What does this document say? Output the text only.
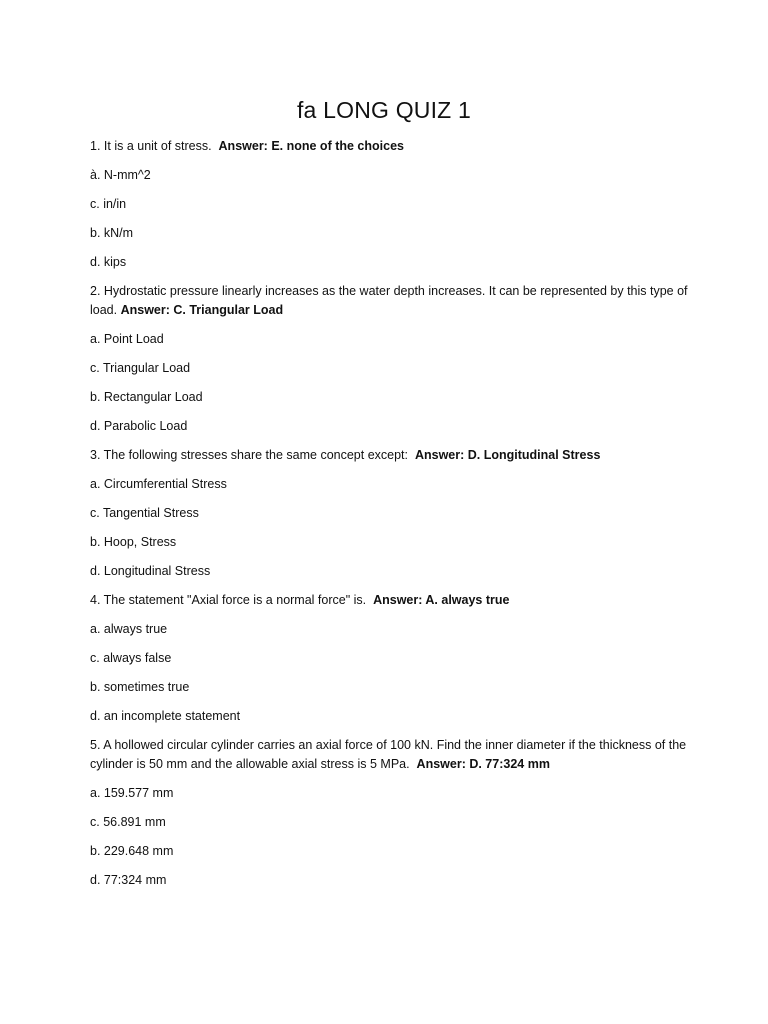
fa LONG QUIZ 1

1. It is a unit of stress. Answer: E. none of the choices

à. N-mm^2

c. in/in

b. kN/m

d. kips

2. Hydrostatic pressure linearly increases as the water depth increases. It can be represented by this type of load. Answer: C. Triangular Load

a. Point Load

c. Triangular Load

b. Rectangular Load

d. Parabolic Load

3. The following stresses share the same concept except: Answer: D. Longitudinal Stress

a. Circumferential Stress

c. Tangential Stress

b. Hoop, Stress

d. Longitudinal Stress

4. The statement "Axial force is a normal force" is. Answer: A. always true

a. always true

c. always false

b. sometimes true

d. an incomplete statement

5. A hollowed circular cylinder carries an axial force of 100 kN. Find the inner diameter if the thickness of the cylinder is 50 mm and the allowable axial stress is 5 MPa. Answer: D. 77:324 mm

a. 159.577 mm

c. 56.891 mm

b. 229.648 mm

d. 77:324 mm
